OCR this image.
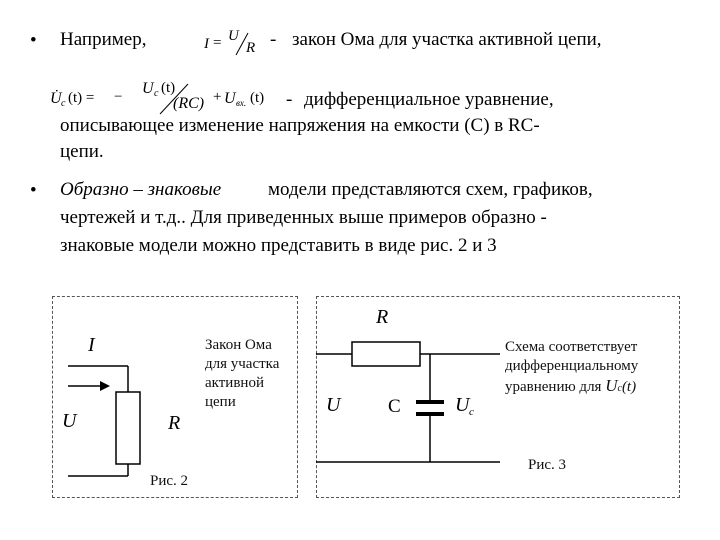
• Например,	I = U
R - закон Ома для участка активной цепи,
U̇ c (t) = − U c (t)
(RC) + U вх. (t) - дифференциальное уравнение,
описывающее изменение напряжения на емкости (С) в RC-
цепи.
• Образно – знаковые модели представляются схем, графиков,
чертежей и т.д.. Для приведенных выше примеров образно -
знаковые модели можно представить в виде рис. 2 и 3
I
U	R
Закон Ома для участка активной цепи
Рис. 2
R
U	C	U c
Схема соответствует дифференциальному уравнению для Uc(t)
Рис. 3
